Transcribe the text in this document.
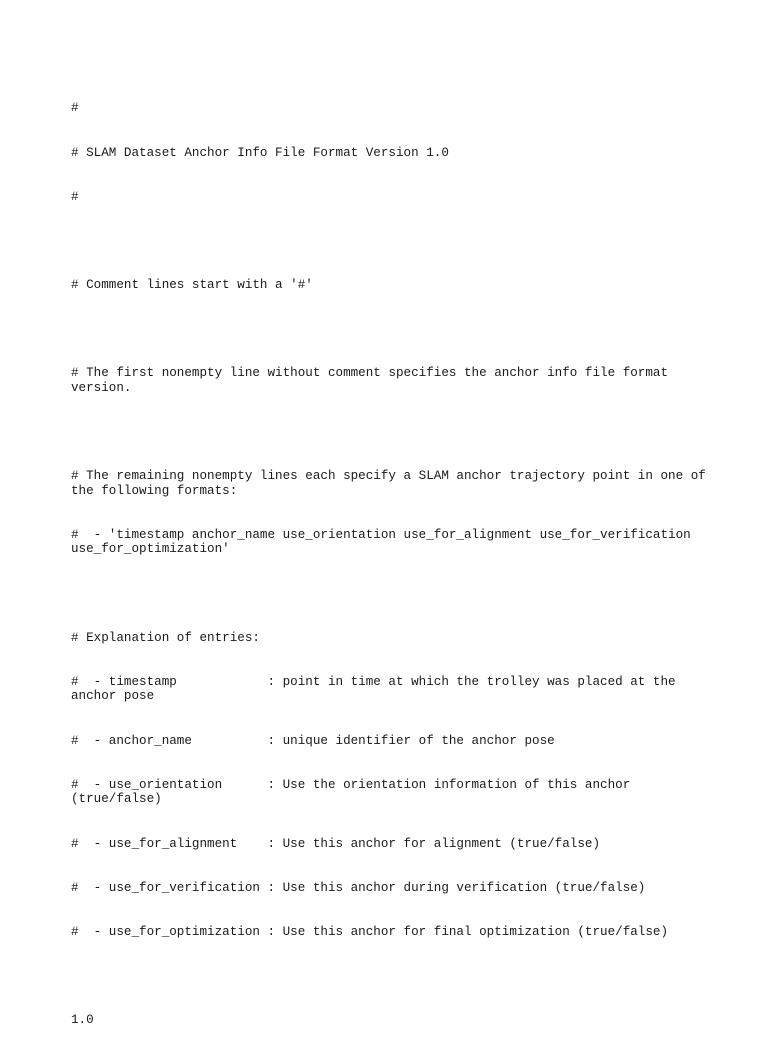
#

# SLAM Dataset Anchor Info File Format Version 1.0

#

# Comment lines start with a '#'

# The first nonempty line without comment specifies the anchor info file format version.

# The remaining nonempty lines each specify a SLAM anchor trajectory point in one of the following formats:

#  - 'timestamp anchor_name use_orientation use_for_alignment use_for_verification use_for_optimization'

# Explanation of entries:

#  - timestamp            : point in time at which the trolley was placed at the anchor pose

#  - anchor_name          : unique identifier of the anchor pose

#  - use_orientation      : Use the orientation information of this anchor (true/false)

#  - use_for_alignment    : Use this anchor for alignment (true/false)

#  - use_for_verification : Use this anchor during verification (true/false)

#  - use_for_optimization : Use this anchor for final optimization (true/false)

1.0
